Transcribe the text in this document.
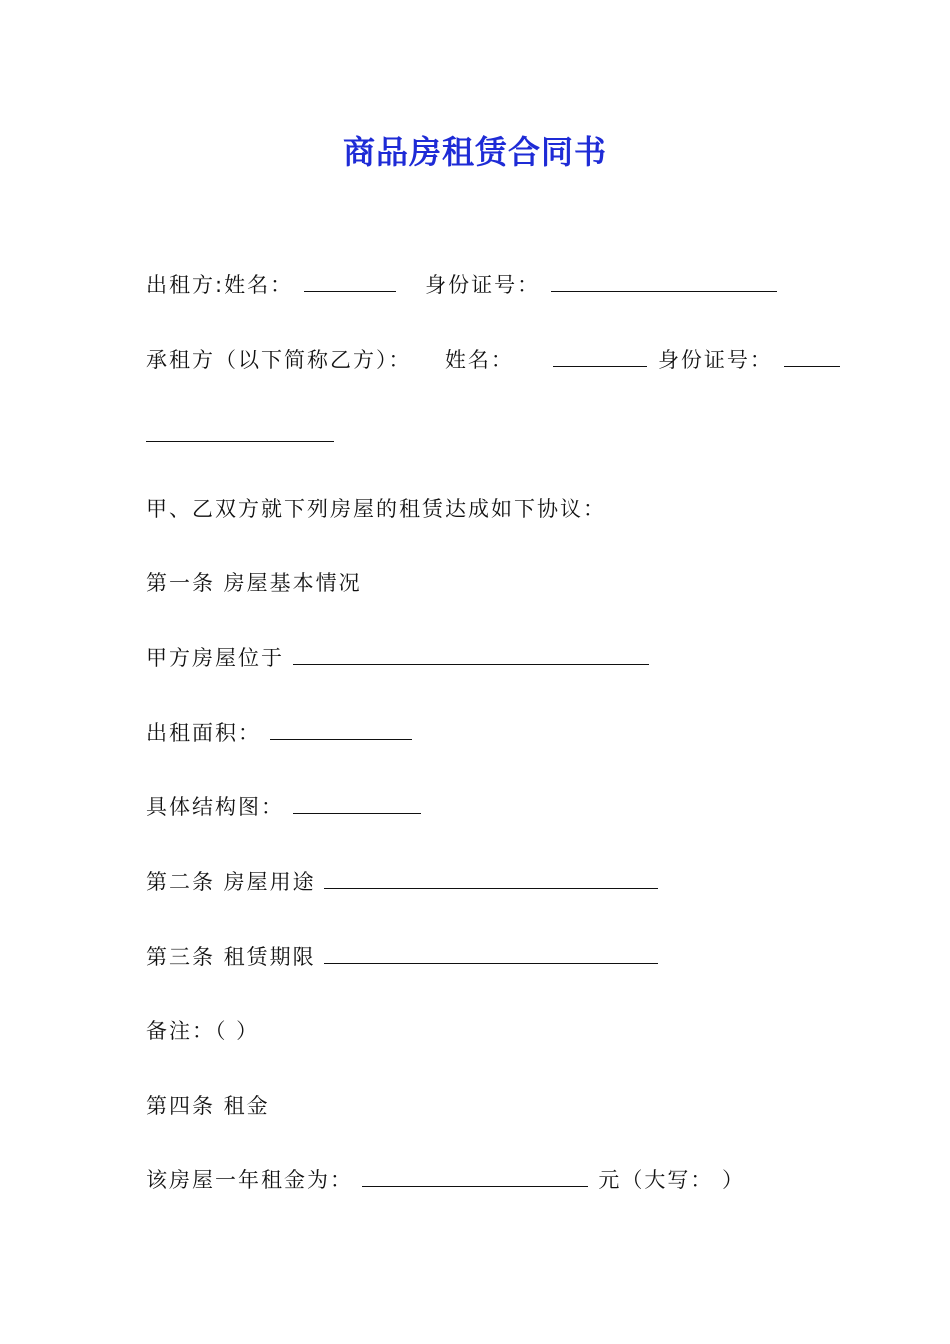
商品房租赁合同书
出租方:姓名：	身份证号：
承租方（以下简称乙方）： 姓名：	身份证号：
甲、乙双方就下列房屋的租赁达成如下协议：
第一条 房屋基本情况
甲方房屋位于
出租面积：
具体结构图：
第二条 房屋用途
第三条 租赁期限
备注：（ ）
第四条 租金
该房屋一年租金为：	元（大写： ）
